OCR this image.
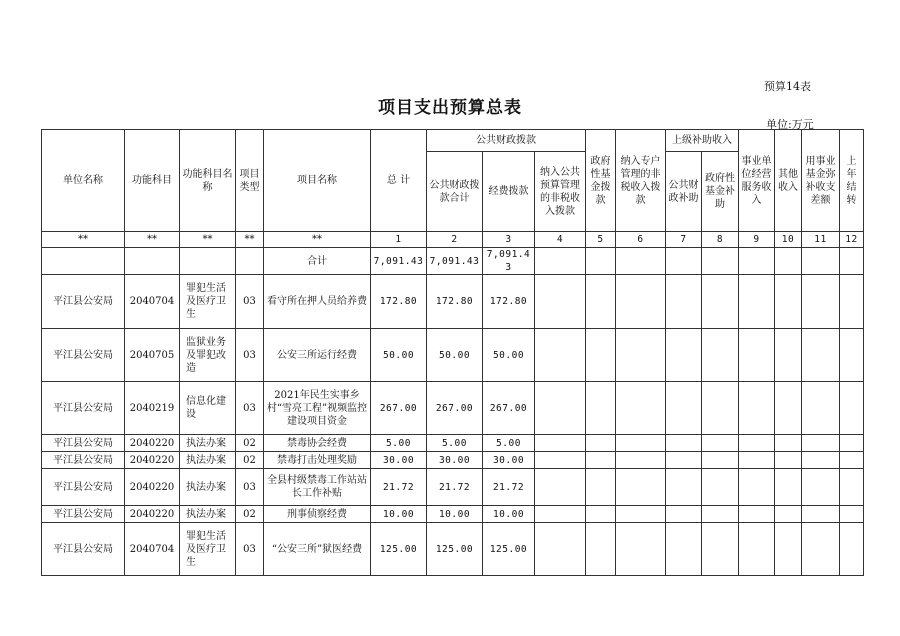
预算14表
项目支出预算总表
单位:万元
单位名称	功能科目	功能科目名称	项目类型	项目名称	总 计	公共财政拨款			政府性基金拨款	纳入专户管理的非税收入拨款	上级补助收入		事业单位经营服务收入	其他收入	用事业基金弥补收支差额	上年结转
						公共财政拨款合计	经费拨款	纳入公共预算管理的非税收入拨款			公共财政补助	政府性基金补助				
**	**	**	**	**	1	2	3	4	5	6	7	8	9	10	11	12
				合计	7,091.43	7,091.43	7,091.43									
平江县公安局	2040704	罪犯生活及医疗卫生	03	看守所在押人员给养费	172.80	172.80	172.80									
平江县公安局	2040705	监狱业务及罪犯改造	03	公安三所运行经费	50.00	50.00	50.00									
平江县公安局	2040219	信息化建设	03	2021年民生实事乡村“雪亮工程”视频监控建设项目资金	267.00	267.00	267.00									
平江县公安局	2040220	执法办案	02	禁毒协会经费	5.00	5.00	5.00									
平江县公安局	2040220	执法办案	02	禁毒打击处理奖励	30.00	30.00	30.00									
平江县公安局	2040220	执法办案	03	全县村级禁毒工作站站长工作补贴	21.72	21.72	21.72									
平江县公安局	2040220	执法办案	02	刑事侦察经费	10.00	10.00	10.00									
平江县公安局	2040704	罪犯生活及医疗卫生	03	“公安三所”狱医经费	125.00	125.00	125.00									
